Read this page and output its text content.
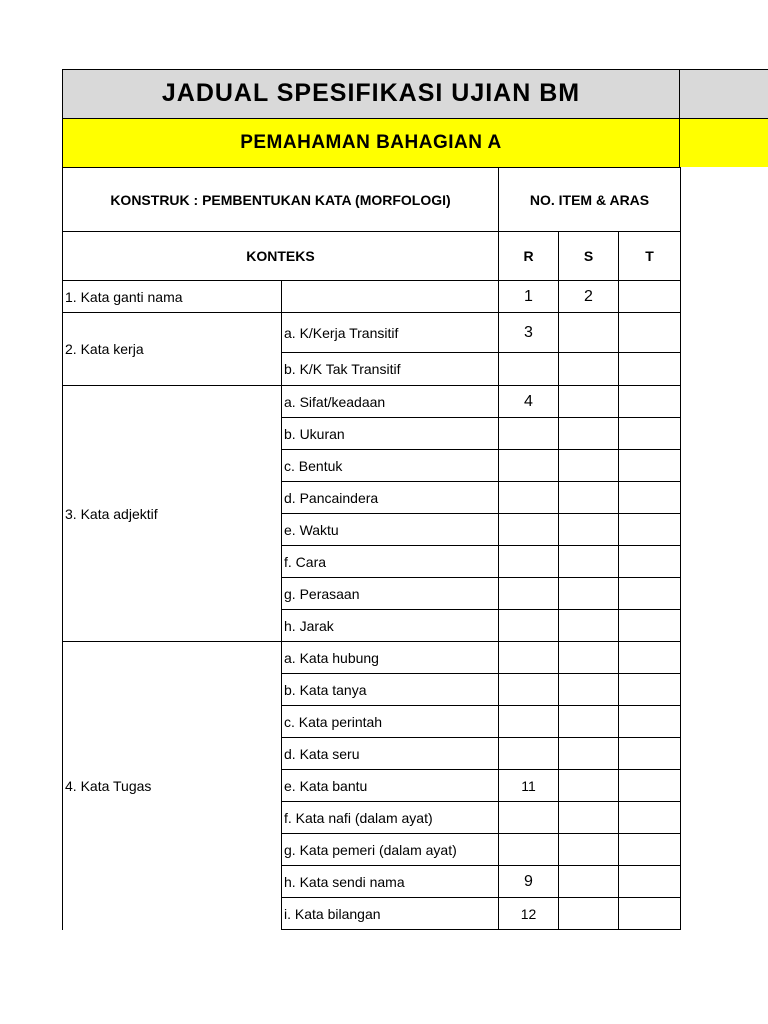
JADUAL SPESIFIKASI UJIAN BM
PEMAHAMAN BAHAGIAN A
KONSTRUK : PEMBENTUKAN KATA (MORFOLOGI)		NO. ITEM & ARAS		
KONTEKS		R	S	T
1. Kata ganti nama		1	2	
2. Kata kerja	a. K/Kerja Transitif	3		
	b. K/K Tak Transitif			
3. Kata adjektif	a. Sifat/keadaan	4		
	b. Ukuran			
	c. Bentuk			
	d. Pancaindera			
	e. Waktu			
	f. Cara			
	g. Perasaan			
	h. Jarak			
4. Kata Tugas	a. Kata hubung			
	b. Kata tanya			
	c. Kata perintah			
	d. Kata seru			
	e. Kata bantu	11		
	f. Kata nafi (dalam ayat)			
	g. Kata pemeri (dalam ayat)			
	h. Kata sendi nama	9		
	i. Kata bilangan	12		
